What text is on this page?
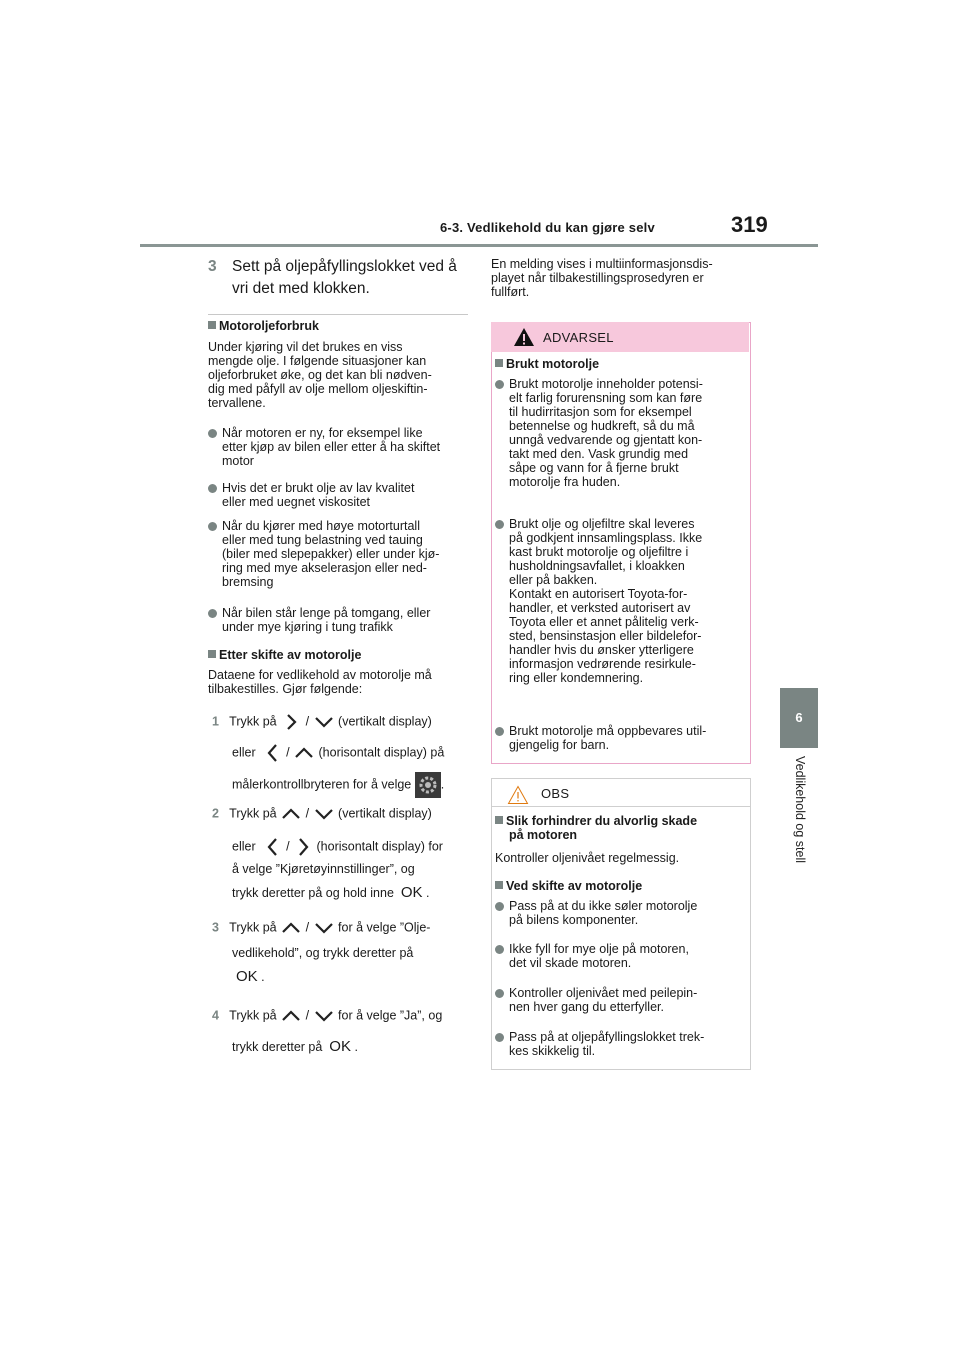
6-3. Vedlikehold du kan gjøre selv	319
6
Vedlikehold og stell
3 Sett på oljepåfyllingslokket ved å
vri det med klokken.
Motoroljeforbruk
Under kjøring vil det brukes en viss
mengde olje. I følgende situasjoner kan
oljeforbruket øke, og det kan bli nødven-
dig med påfyll av olje mellom oljeskiftin-
tervallene.
Når motoren er ny, for eksempel like
etter kjøp av bilen eller etter å ha skiftet
motor
Hvis det er brukt olje av lav kvalitet
eller med uegnet viskositet
Når du kjører med høye motorturtall
eller med tung belastning ved tauing
(biler med slepepakker) eller under kjø-
ring med mye akselerasjon eller ned-
bremsing
Når bilen står lenge på tomgang, eller
under mye kjøring i tung trafikk
Etter skifte av motorolje
Dataene for vedlikehold av motorolje må
tilbakestilles. Gjør følgende:
1 Trykk på / (vertikalt display)
eller / (horisontalt display) på
målerkontrollbryteren for å velge .
2 Trykk på / (vertikalt display)
eller / (horisontalt display) for
å velge ”Kjøretøyinnstillinger”, og
trykk deretter på og hold inne OK .
3 Trykk på / for å velge ”Olje-
vedlikehold”, og trykk deretter på
OK .
4 Trykk på / for å velge ”Ja”, og
trykk deretter på OK .
En melding vises i multiinformasjonsdis-
playet når tilbakestillingsprosedyren er
fullført.
ADVARSEL
Brukt motorolje
Brukt motorolje inneholder potensi-
elt farlig forurensning som kan føre
til hudirritasjon som for eksempel
betennelse og hudkreft, så du må
unngå vedvarende og gjentatt kon-
takt med den. Vask grundig med
såpe og vann for å fjerne brukt
motorolje fra huden.
Brukt olje og oljefiltre skal leveres
på godkjent innsamlingsplass. Ikke
kast brukt motorolje og oljefiltre i
husholdningsavfallet, i kloakken
eller på bakken.
Kontakt en autorisert Toyota-for-
handler, et verksted autorisert av
Toyota eller et annet pålitelig verk-
sted, bensinstasjon eller bildelefor-
handler hvis du ønsker ytterligere
informasjon vedrørende resirkule-
ring eller kondemnering.
Brukt motorolje må oppbevares util-
gjengelig for barn.
OBS
Slik forhindrer du alvorlig skade
på motoren
Kontroller oljenivået regelmessig.
Ved skifte av motorolje
Pass på at du ikke søler motorolje
på bilens komponenter.
Ikke fyll for mye olje på motoren,
det vil skade motoren.
Kontroller oljenivået med peilepin-
nen hver gang du etterfyller.
Pass på at oljepåfyllingslokket trek-
kes skikkelig til.
